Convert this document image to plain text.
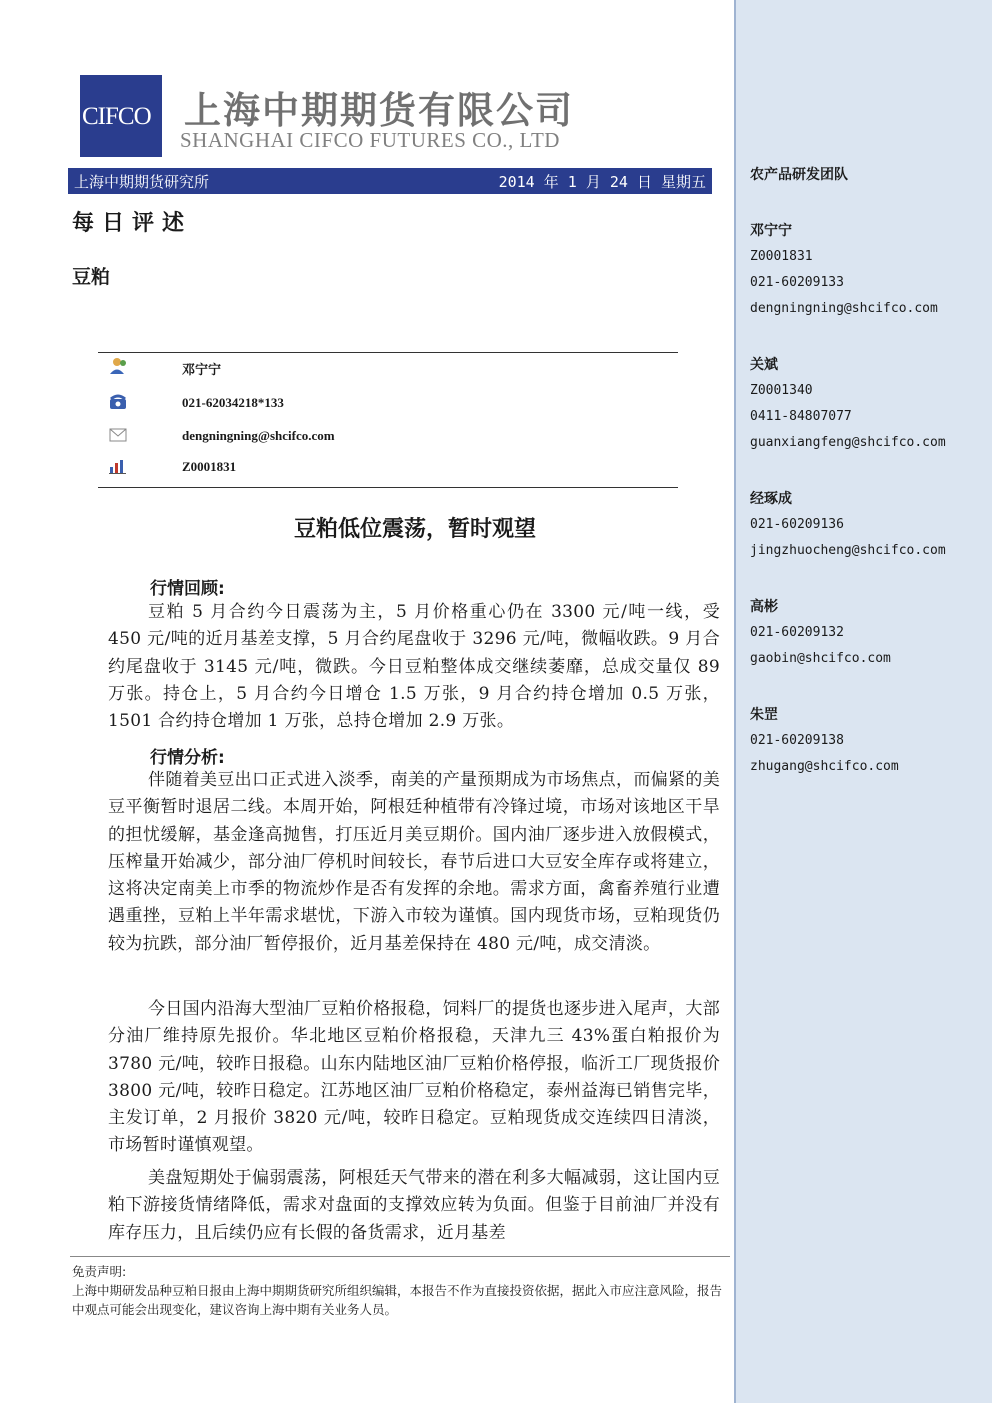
农产品研发团队
邓宁宁
Z0001831
021-60209133
dengningning@shcifco.com
关斌
Z0001340
0411-84807077
guanxiangfeng@shcifco.com
经琢成
021-60209136
jingzhuocheng@shcifco.com
高彬
021-60209132
gaobin@shcifco.com
朱罡
021-60209138
zhugang@shcifco.com
CIFCO 上海中期期货有限公司
SHANGHAI CIFCO FUTURES CO., LTD
上海中期期货研究所	2014 年 1 月 24 日 星期五
每日评述
豆粕
邓宁宁
021-62034218*133
dengningning@shcifco.com
Z0001831
豆粕低位震荡，暂时观望
行情回顾:
豆粕 5 月合约今日震荡为主，5 月价格重心仍在 3300 元/吨一线，受 450 元/吨的近月基差支撑，5 月合约尾盘收于 3296 元/吨，微幅收跌。9 月合约尾盘收于 3145 元/吨，微跌。今日豆粕整体成交继续萎靡，总成交量仅 89 万张。持仓上，5 月合约今日增仓 1.5 万张，9 月合约持仓增加 0.5 万张，1501 合约持仓增加 1 万张，总持仓增加 2.9 万张。
行情分析:
伴随着美豆出口正式进入淡季，南美的产量预期成为市场焦点，而偏紧的美豆平衡暂时退居二线。本周开始，阿根廷种植带有冷锋过境，市场对该地区干旱的担忧缓解，基金逢高抛售，打压近月美豆期价。国内油厂逐步进入放假模式，压榨量开始减少，部分油厂停机时间较长，春节后进口大豆安全库存或将建立，这将决定南美上市季的物流炒作是否有发挥的余地。需求方面，禽畜养殖行业遭遇重挫，豆粕上半年需求堪忧，下游入市较为谨慎。国内现货市场，豆粕现货仍较为抗跌，部分油厂暂停报价，近月基差保持在 480 元/吨，成交清淡。
今日国内沿海大型油厂豆粕价格报稳，饲料厂的提货也逐步进入尾声，大部分油厂维持原先报价。华北地区豆粕价格报稳，天津九三 43%蛋白粕报价为 3780 元/吨，较昨日报稳。山东内陆地区油厂豆粕价格停报，临沂工厂现货报价 3800 元/吨，较昨日稳定。江苏地区油厂豆粕价格稳定，泰州益海已销售完毕，主发订单，2 月报价 3820 元/吨，较昨日稳定。豆粕现货成交连续四日清淡，市场暂时谨慎观望。
美盘短期处于偏弱震荡，阿根廷天气带来的潜在利多大幅减弱，这让国内豆粕下游接货情绪降低，需求对盘面的支撑效应转为负面。但鉴于目前油厂并没有库存压力，且后续仍应有长假的备货需求，近月基差

免责声明:

上海中期研发品种豆粕日报由上海中期期货研究所组织编辑，本报告不作为直接投资依据，据此入市应注意风险，报告中观点可能会出现变化，建议咨询上海中期有关业务人员。
